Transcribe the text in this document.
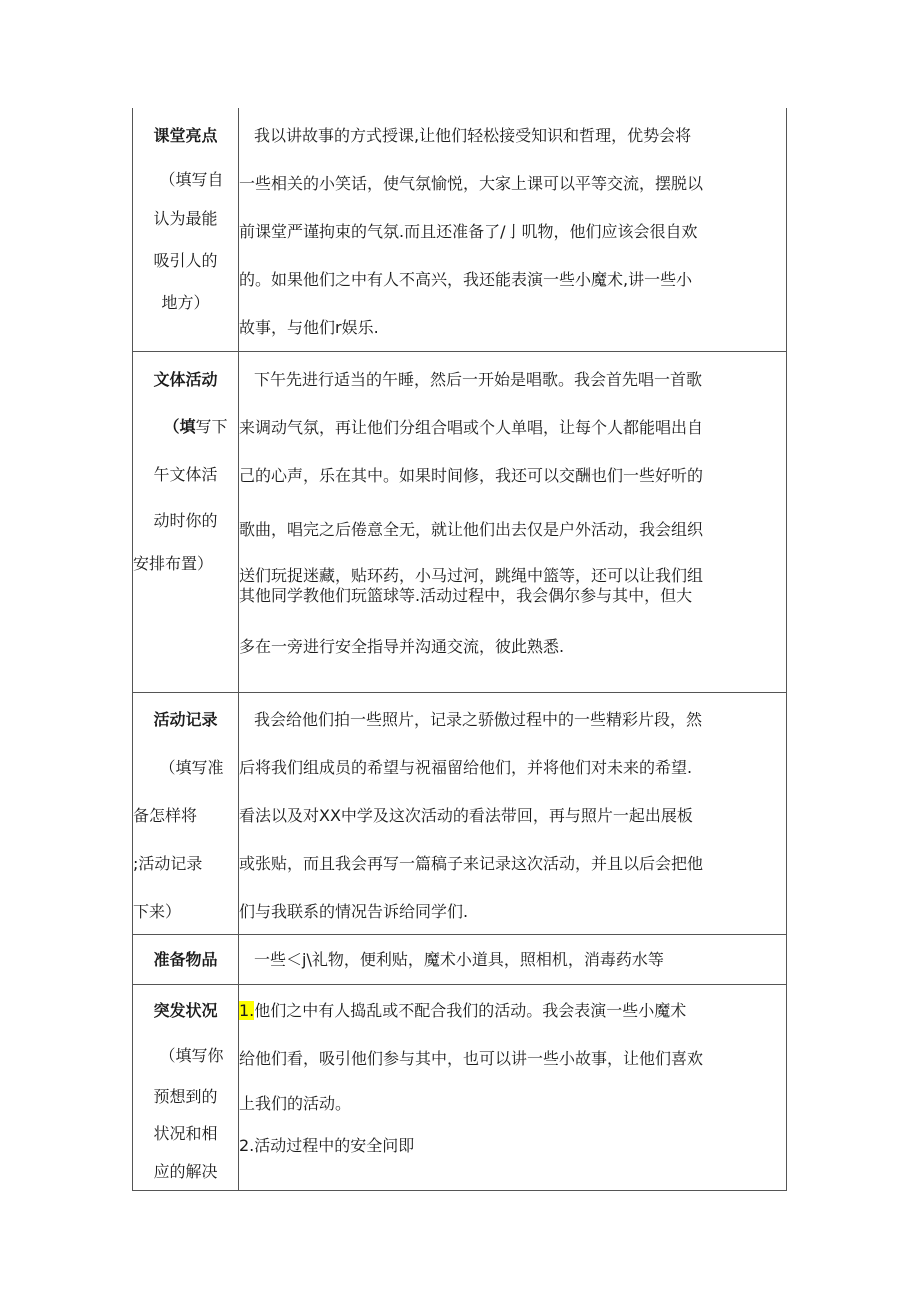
课堂亮点
（填写自
认为最能
吸引人的
地方）
我以讲故事的方式授课,让他们轻松接受知识和哲理，优势会将
一些相关的小笑话，使气氛愉悦，大家上课可以平等交流，摆脱以
前课堂严谨拘束的气氛.而且还准备了/亅叽物，他们应该会很自欢
的。如果他们之中有人不高兴，我还能表演一些小魔术,讲一些小
故事，与他们r娱乐.
文体活动
（填写下
午文体活
动时你的
安排布置）
下午先进行适当的午睡，然后一开始是唱歌。我会首先唱一首歌
来调动气氛，再让他们分组合唱或个人单唱，让每个人都能唱出自
己的心声，乐在其中。如果时间修，我还可以交酬也们一些好听的
歌曲，唱完之后倦意全无，就让他们出去仅是户外活动，我会组织
送们玩捉迷藏，贴环药，小马过河，跳绳中篮等，还可以让我们组
其他同学教他们玩篮球等.活动过程中，我会偶尔参与其中，但大
多在一旁进行安全指导并沟通交流，彼此熟悉.
活动记录
（填写准
备怎样将
;活动记录
下来）
我会给他们拍一些照片，记录之骄傲过程中的一些精彩片段，然
后将我们组成员的希望与祝福留给他们，并将他们对未来的希望.
看法以及对XX中学及这次活动的看法带回，再与照片一起出展板
或张贴，而且我会再写一篇稿子来记录这次活动，并且以后会把他
们与我联系的情况告诉给同学们.
准备物品	一些＜j\礼物，便利贴，魔术小道具，照相机，消毒药水等
突发状况
（填写你
预想到的
状况和相
应的解决
1.他们之中有人捣乱或不配合我们的活动。我会表演一些小魔术
给他们看，吸引他们参与其中，也可以讲一些小故事，让他们喜欢
上我们的活动。
2.活动过程中的安全问即
